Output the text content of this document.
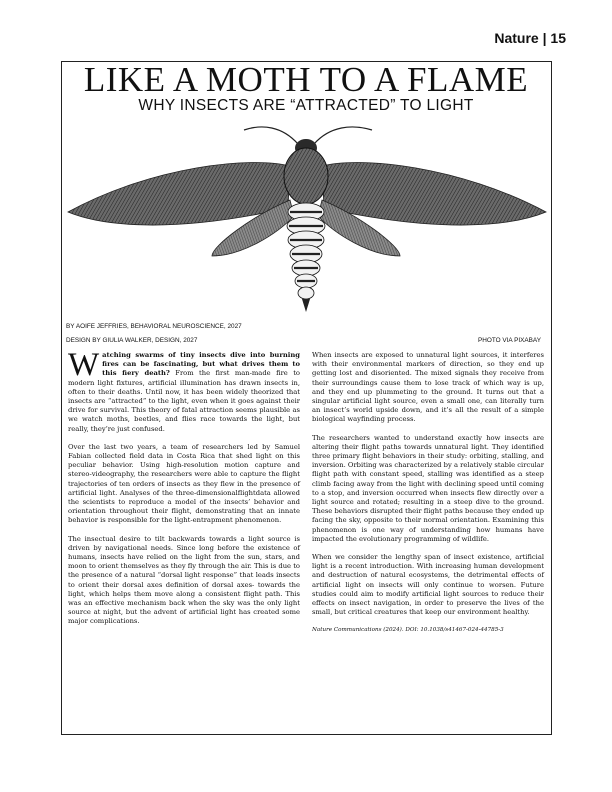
Nature | 15
LIKE A MOTH TO A FLAME
WHY INSECTS ARE “ATTRACTED” TO LIGHT
BY AOIFE JEFFRIES, BEHAVIORAL NEUROSCIENCE, 2027
DESIGN BY GIULIA WALKER, DESIGN, 2027	PHOTO VIA PIXABAY

Watching swarms of tiny insects dive into burning fires can be fascinating, but what drives them to this fiery death? From the first man-made fire to modern light fixtures, artificial illumination has drawn insects in, often to their deaths. Until now, it has been widely theorized that insects are “attracted” to the light, even when it goes against their drive for survival. This theory of fatal attraction seems plausible as we watch moths, beetles, and flies race towards the light, but really, they’re just confused.

Over the last two years, a team of researchers led by Samuel Fabian collected field data in Costa Rica that shed light on this peculiar behavior. Using high-resolution motion capture and stereo-videography, the researchers were able to capture the flight trajectories of ten orders of insects as they flew in the presence of artificial light. Analyses of the three-dimensionalflightdata allowed the scientists to reproduce a model of the insects’ behavior and orientation throughout their flight, demonstrating that an innate behavior is responsible for the light-entrapment phenomenon.

The insectual desire to tilt backwards towards a light source is driven by navigational needs. Since long before the existence of humans, insects have relied on the light from the sun, stars, and moon to orient themselves as they fly through the air. This is due to the presence of a natural “dorsal light response” that leads insects to orient their dorsal axes definition of dorsal axes- towards the light, which helps them move along a consistent flight path. This was an effective mechanism back when the sky was the only light source at night, but the advent of artificial light has created some major complications.

When insects are exposed to unnatural light sources, it interferes with their environmental markers of direction, so they end up getting lost and disoriented. The mixed signals they receive from their surroundings cause them to lose track of which way is up, and they end up plummeting to the ground. It turns out that a singular artificial light source, even a small one, can literally turn an insect’s world upside down, and it’s all the result of a simple biological wayfinding process.

The researchers wanted to understand exactly how insects are altering their flight paths towards unnatural light. They identified three primary flight behaviors in their study: orbiting, stalling, and inversion. Orbiting was characterized by a relatively stable circular flight path with constant speed, stalling was identified as a steep climb facing away from the light with declining speed until coming to a stop, and inversion occurred when insects flew directly over a light source and rotated; resulting in a steep dive to the ground. These behaviors disrupted their flight paths because they ended up facing the sky, opposite to their normal orientation. Examining this phenomenon is one way of understanding how humans have impacted the evolutionary programming of wildlife.

When we consider the lengthy span of insect existence, artificial light is a recent introduction. With increasing human development and destruction of natural ecosystems, the detrimental effects of artificial light on insects will only continue to worsen. Future studies could aim to modify artificial light sources to reduce their effects on insect navigation, in order to preserve the lives of the small, but critical creatures that keep our environment healthy.

Nature Communications (2024). DOI: 10.1038/s41467-024-44785-3
